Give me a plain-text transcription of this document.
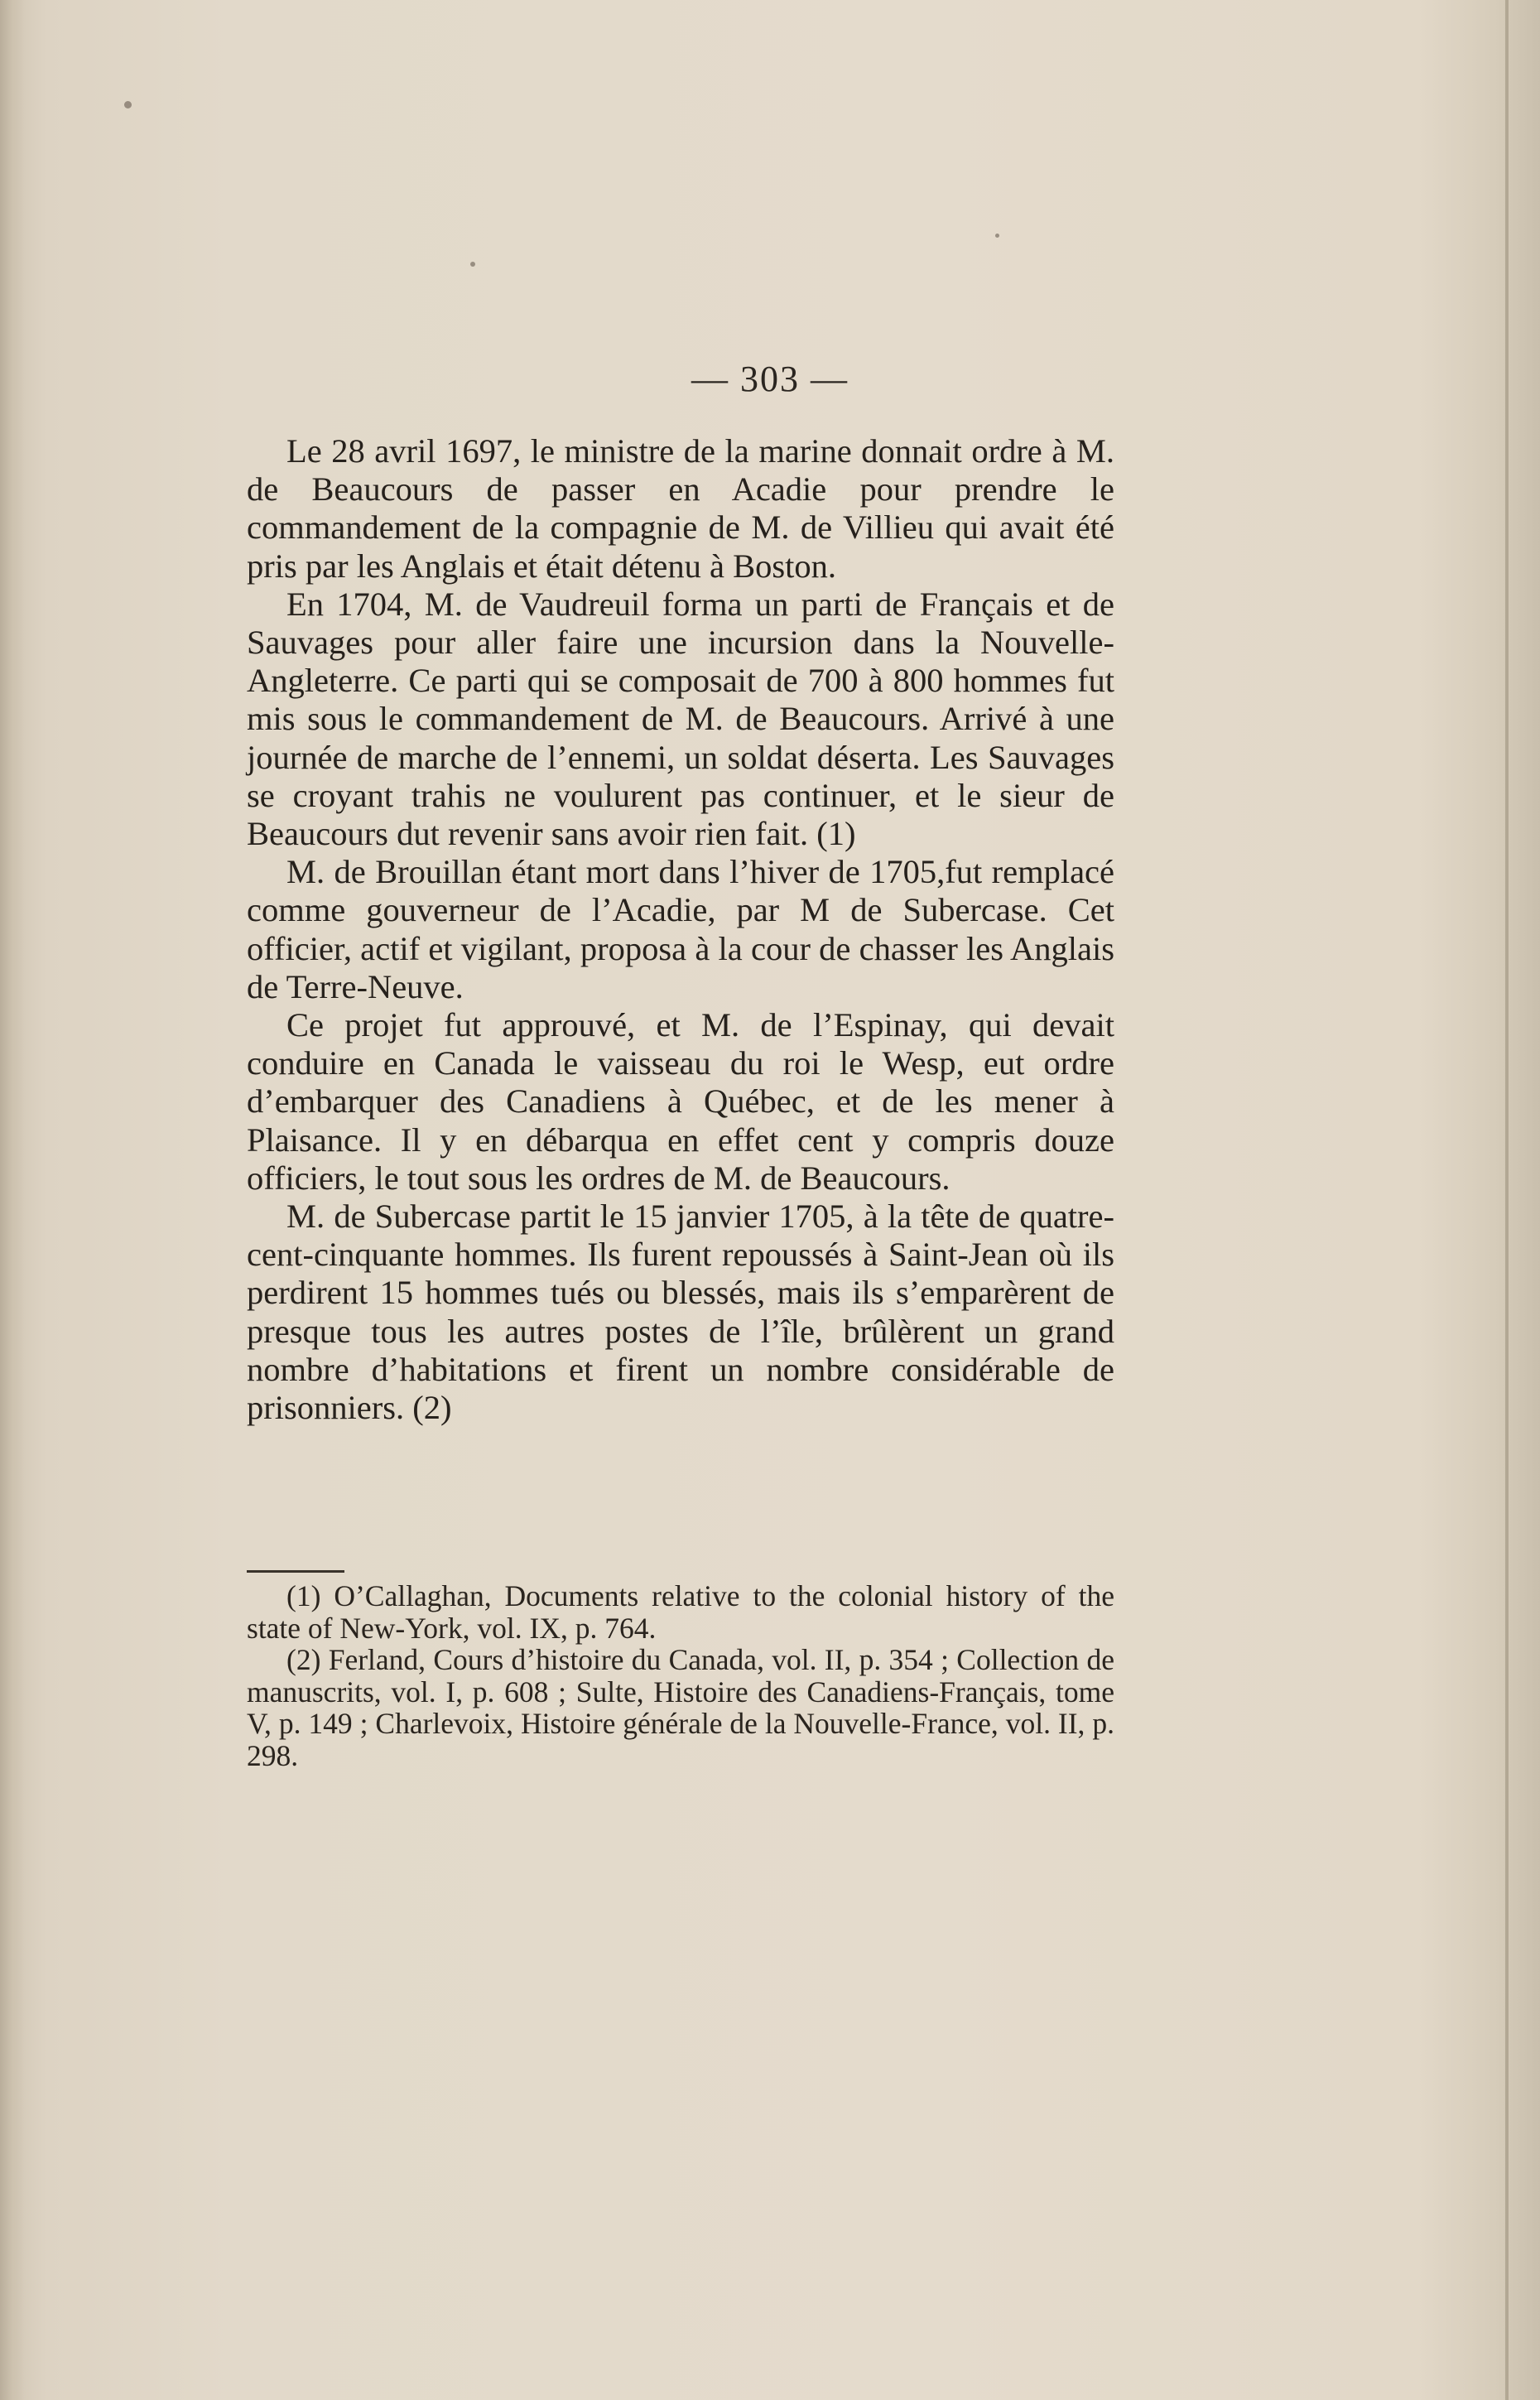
— 303 —

Le 28 avril 1697, le ministre de la marine donnait ordre à M. de Beaucours de passer en Acadie pour prendre le commandement de la compagnie de M. de Villieu qui avait été pris par les Anglais et était détenu à Boston.

En 1704, M. de Vaudreuil forma un parti de Français et de Sauvages pour aller faire une incursion dans la Nouvelle-Angleterre. Ce parti qui se composait de 700 à 800 hommes fut mis sous le commandement de M. de Beaucours. Arrivé à une journée de marche de l’ennemi, un soldat déserta. Les Sauvages se croyant trahis ne voulurent pas continuer, et le sieur de Beaucours dut revenir sans avoir rien fait. (1)

M. de Brouillan étant mort dans l’hiver de 1705,fut remplacé comme gouverneur de l’Acadie, par M de Subercase. Cet officier, actif et vigilant, proposa à la cour de chasser les Anglais de Terre-Neuve.

Ce projet fut approuvé, et M. de l’Espinay, qui devait conduire en Canada le vaisseau du roi le Wesp, eut ordre d’embarquer des Canadiens à Québec, et de les mener à Plaisance. Il y en débarqua en effet cent y compris douze officiers, le tout sous les ordres de M. de Beaucours.

M. de Subercase partit le 15 janvier 1705, à la tête de quatre-cent-cinquante hommes. Ils furent repoussés à Saint-Jean où ils perdirent 15 hommes tués ou blessés, mais ils s’emparèrent de presque tous les autres postes de l’île, brûlèrent un grand nombre d’habitations et firent un nombre considérable de prisonniers. (2)

(1) O’Callaghan, Documents relative to the colonial history of the state of New-York, vol. IX, p. 764.

(2) Ferland, Cours d’histoire du Canada, vol. II, p. 354 ; Collection de manuscrits, vol. I, p. 608 ; Sulte, Histoire des Canadiens-Français, tome V, p. 149 ; Charlevoix, Histoire générale de la Nouvelle-France, vol. II, p. 298.
